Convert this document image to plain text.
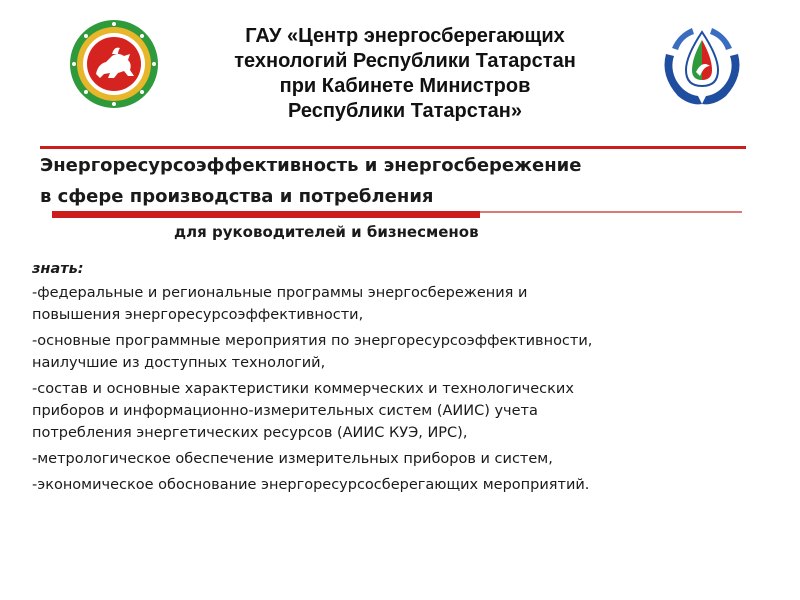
ГАУ «Центр энергосберегающих
технологий Республики Татарстан
при Кабинете Министров
Республики Татарстан»
Энергоресурсоэффективность и энергосбережение
в сфере производства и потребления
для руководителей и бизнесменов
знать:
-федеральные и региональные программы энергосбережения и
повышения энергоресурсоэффективности,
-основные программные мероприятия по энергоресурсоэффективности,
наилучшие из доступных технологий,
-состав и основные характеристики коммерческих и технологических
приборов и информационно-измерительных систем (АИИС) учета
потребления энергетических ресурсов (АИИС КУЭ, ИРС),
-метрологическое обеспечение измерительных приборов и систем,
-экономическое обоснование энергоресурсосберегающих мероприятий.
